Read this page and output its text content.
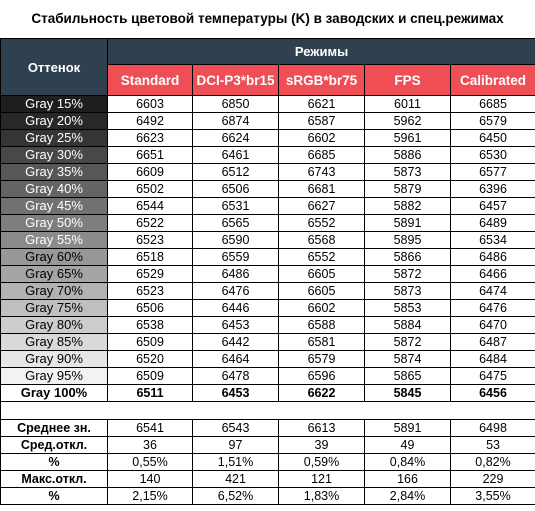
Стабильность цветовой температуры (K) в заводских и спец.режимах
Оттенок	Режимы				
	Standard	DCI-P3*br15	sRGB*br75	FPS	Calibrated
Gray 15%	6603	6850	6621	6011	6685
Gray 20%	6492	6874	6587	5962	6579
Gray 25%	6623	6624	6602	5961	6450
Gray 30%	6651	6461	6685	5886	6530
Gray 35%	6609	6512	6743	5873	6577
Gray 40%	6502	6506	6681	5879	6396
Gray 45%	6544	6531	6627	5882	6457
Gray 50%	6522	6565	6552	5891	6489
Gray 55%	6523	6590	6568	5895	6534
Gray 60%	6518	6559	6552	5866	6486
Gray 65%	6529	6486	6605	5872	6466
Gray 70%	6523	6476	6605	5873	6474
Gray 75%	6506	6446	6602	5853	6476
Gray 80%	6538	6453	6588	5884	6470
Gray 85%	6509	6442	6581	5872	6487
Gray 90%	6520	6464	6579	5874	6484
Gray 95%	6509	6478	6596	5865	6475
Gray 100%	6511	6453	6622	5845	6456

Среднее зн.	6541	6543	6613	5891	6498
Сред.откл.	36	97	39	49	53
%	0,55%	1,51%	0,59%	0,84%	0,82%
Макс.откл.	140	421	121	166	229
%	2,15%	6,52%	1,83%	2,84%	3,55%
